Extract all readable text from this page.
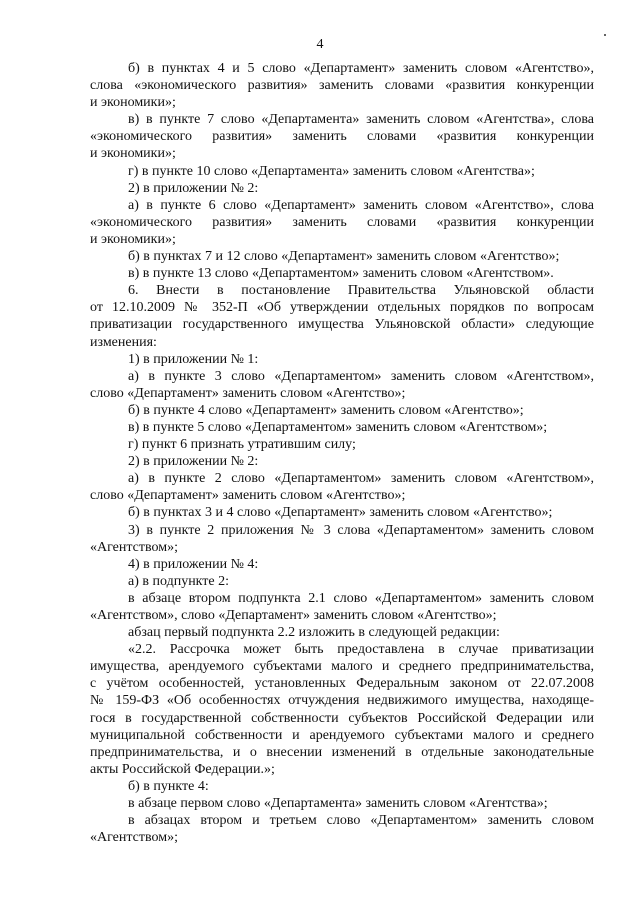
4
б) в пунктах 4 и 5 слово «Департамент» заменить словом «Агентство»,
слова «экономического развития» заменить словами «развития конкуренции
и экономики»;
в) в пункте 7 слово «Департамента» заменить словом «Агентства», слова
«экономического развития» заменить словами «развития конкуренции
и экономики»;
г) в пункте 10 слово «Департамента» заменить словом «Агентства»;
2) в приложении № 2:
а) в пункте 6 слово «Департамент» заменить словом «Агентство», слова
«экономического развития» заменить словами «развития конкуренции
и экономики»;
б) в пунктах 7 и 12 слово «Департамент» заменить словом «Агентство»;
в) в пункте 13 слово «Департаментом» заменить словом «Агентством».
6. Внести в постановление Правительства Ульяновской области
от 12.10.2009 № 352-П «Об утверждении отдельных порядков по вопросам
приватизации государственного имущества Ульяновской области» следующие
изменения:
1) в приложении № 1:
а) в пункте 3 слово «Департаментом» заменить словом «Агентством»,
слово «Департамент» заменить словом «Агентство»;
б) в пункте 4 слово «Департамент» заменить словом «Агентство»;
в) в пункте 5 слово «Департаментом» заменить словом «Агентством»;
г) пункт 6 признать утратившим силу;
2) в приложении № 2:
а) в пункте 2 слово «Департаментом» заменить словом «Агентством»,
слово «Департамент» заменить словом «Агентство»;
б) в пунктах 3 и 4 слово «Департамент» заменить словом «Агентство»;
3) в пункте 2 приложения № 3 слова «Департаментом» заменить словом
«Агентством»;
4) в приложении № 4:
а) в подпункте 2:
в абзаце втором подпункта 2.1 слово «Департаментом» заменить словом
«Агентством», слово «Департамент» заменить словом «Агентство»;
абзац первый подпункта 2.2 изложить в следующей редакции:
«2.2. Рассрочка может быть предоставлена в случае приватизации
имущества, арендуемого субъектами малого и среднего предпринимательства,
с учётом особенностей, установленных Федеральным законом от 22.07.2008
№ 159-ФЗ «Об особенностях отчуждения недвижимого имущества, находяще-
гося в государственной собственности субъектов Российской Федерации или
муниципальной собственности и арендуемого субъектами малого и среднего
предпринимательства, и о внесении изменений в отдельные законодательные
акты Российской Федерации.»;
б) в пункте 4:
в абзаце первом слово «Департамента» заменить словом «Агентства»;
в абзацах втором и третьем слово «Департаментом» заменить словом
«Агентством»;
